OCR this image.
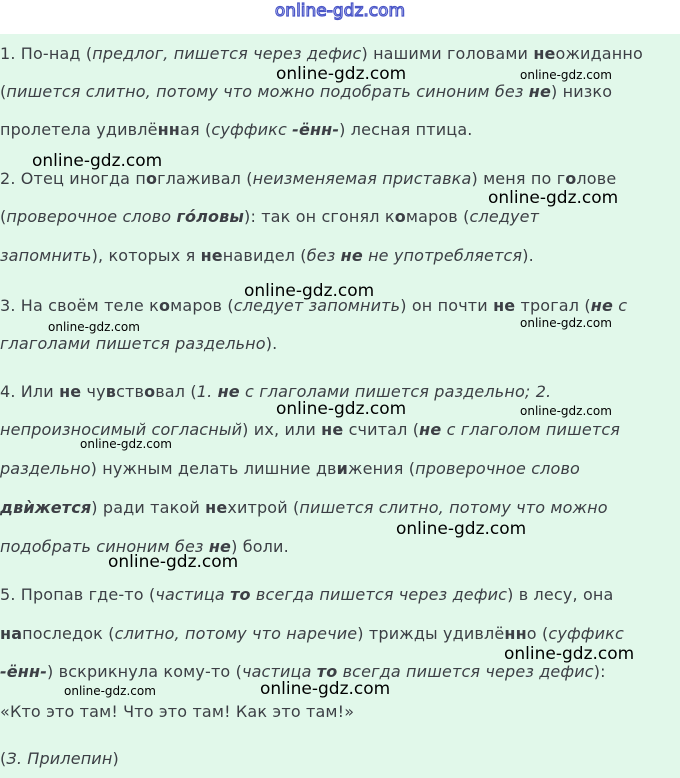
online-gdz.com
1. По-над (предлог, пишется через дефис) нашими головами неожиданно
(пишется слитно, потому что можно подобрать синоним без не) низко
пролетела удивлённая (суффикс -ённ-) лесная птица.
2. Отец иногда поглаживал (неизменяемая приставка) меня по голове
(проверочное слово гóловы): так он сгонял комаров (следует
запомнить), которых я ненавидел (без не не употребляется).
3. На своём теле комаров (следует запомнить) он почти не трогал (не с
глаголами пишется раздельно).
4. Или не чувствовал (1. не с глаголами пишется раздельно; 2.
непроизносимый согласный) их, или не считал (не с глаголом пишется
раздельно) нужным делать лишние движения (проверочное слово
двѝжется) ради такой нехитрой (пишется слитно, потому что можно
подобрать синоним без не) боли.
5. Пропав где-то (частица то всегда пишется через дефис) в лесу, она
напоследок (слитно, потому что наречие) трижды удивлённо (суффикс
-ённ-) вскрикнула кому-то (частица то всегда пишется через дефис):
«Кто это там! Что это там! Как это там!»
(З. Прилепин)
online-gdz.com	online-gdz.com
online-gdz.com
online-gdz.com
online-gdz.com
online-gdz.com	online-gdz.com
online-gdz.com	online-gdz.com
online-gdz.com
online-gdz.com
online-gdz.com
online-gdz.com
online-gdz.com	online-gdz.com
